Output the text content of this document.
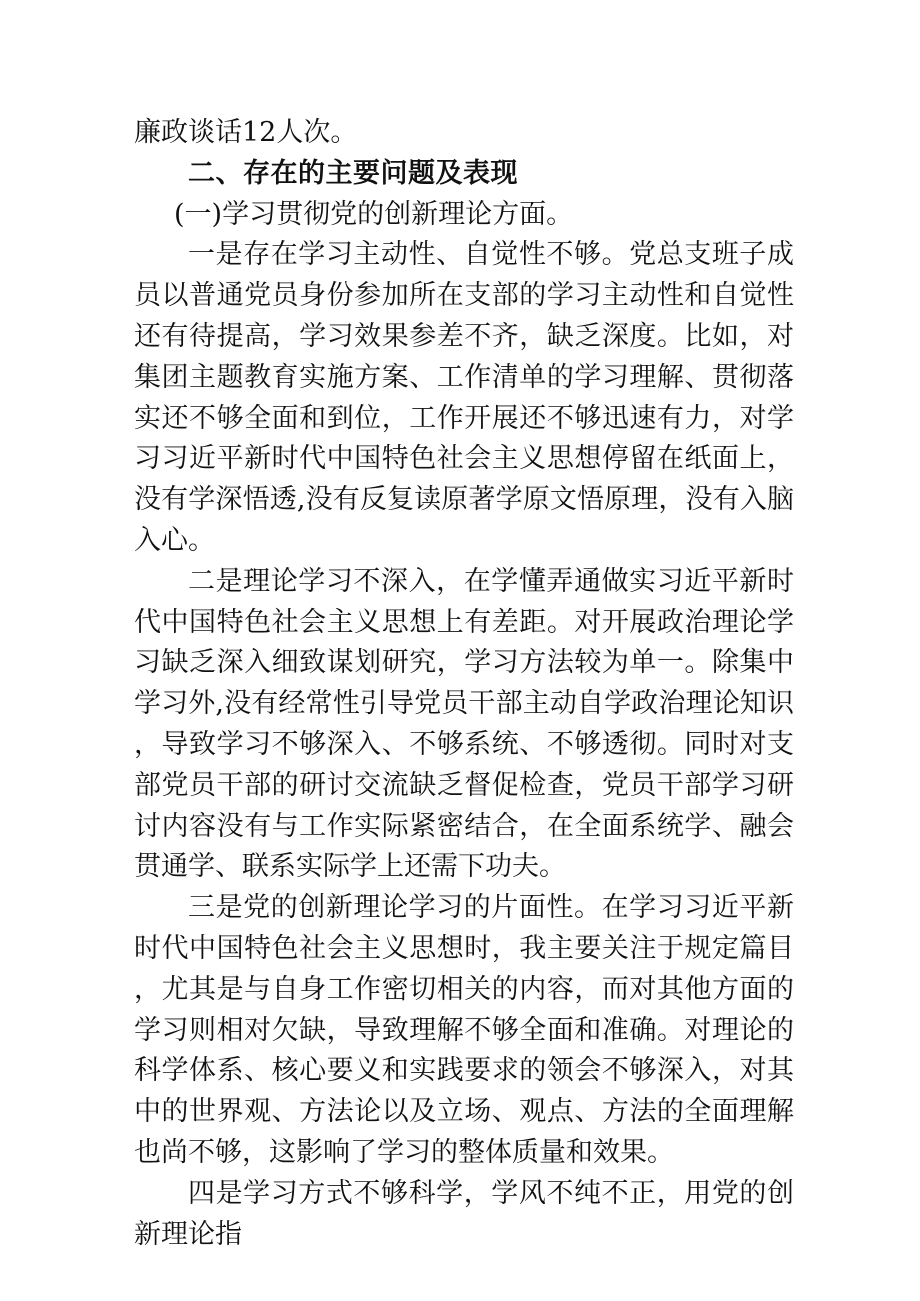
廉政谈话12人次。

二、存在的主要问题及表现

(一)学习贯彻党的创新理论方面。

一是存在学习主动性、自觉性不够。党总支班子成员以普通党员身份参加所在支部的学习主动性和自觉性还有待提高，学习效果参差不齐，缺乏深度。比如，对集团主题教育实施方案、工作清单的学习理解、贯彻落实还不够全面和到位，工作开展还不够迅速有力，对学习习近平新时代中国特色社会主义思想停留在纸面上，没有学深悟透,没有反复读原著学原文悟原理，没有入脑入心。

二是理论学习不深入，在学懂弄通做实习近平新时代中国特色社会主义思想上有差距。对开展政治理论学习缺乏深入细致谋划研究，学习方法较为单一。除集中学习外,没有经常性引导党员干部主动自学政治理论知识，导致学习不够深入、不够系统、不够透彻。同时对支部党员干部的研讨交流缺乏督促检查，党员干部学习研讨内容没有与工作实际紧密结合，在全面系统学、融会贯通学、联系实际学上还需下功夫。

三是党的创新理论学习的片面性。在学习习近平新时代中国特色社会主义思想时，我主要关注于规定篇目，尤其是与自身工作密切相关的内容，而对其他方面的学习则相对欠缺，导致理解不够全面和准确。对理论的科学体系、核心要义和实践要求的领会不够深入，对其中的世界观、方法论以及立场、观点、方法的全面理解也尚不够，这影响了学习的整体质量和效果。

四是学习方式不够科学，学风不纯不正，用党的创新理论指
